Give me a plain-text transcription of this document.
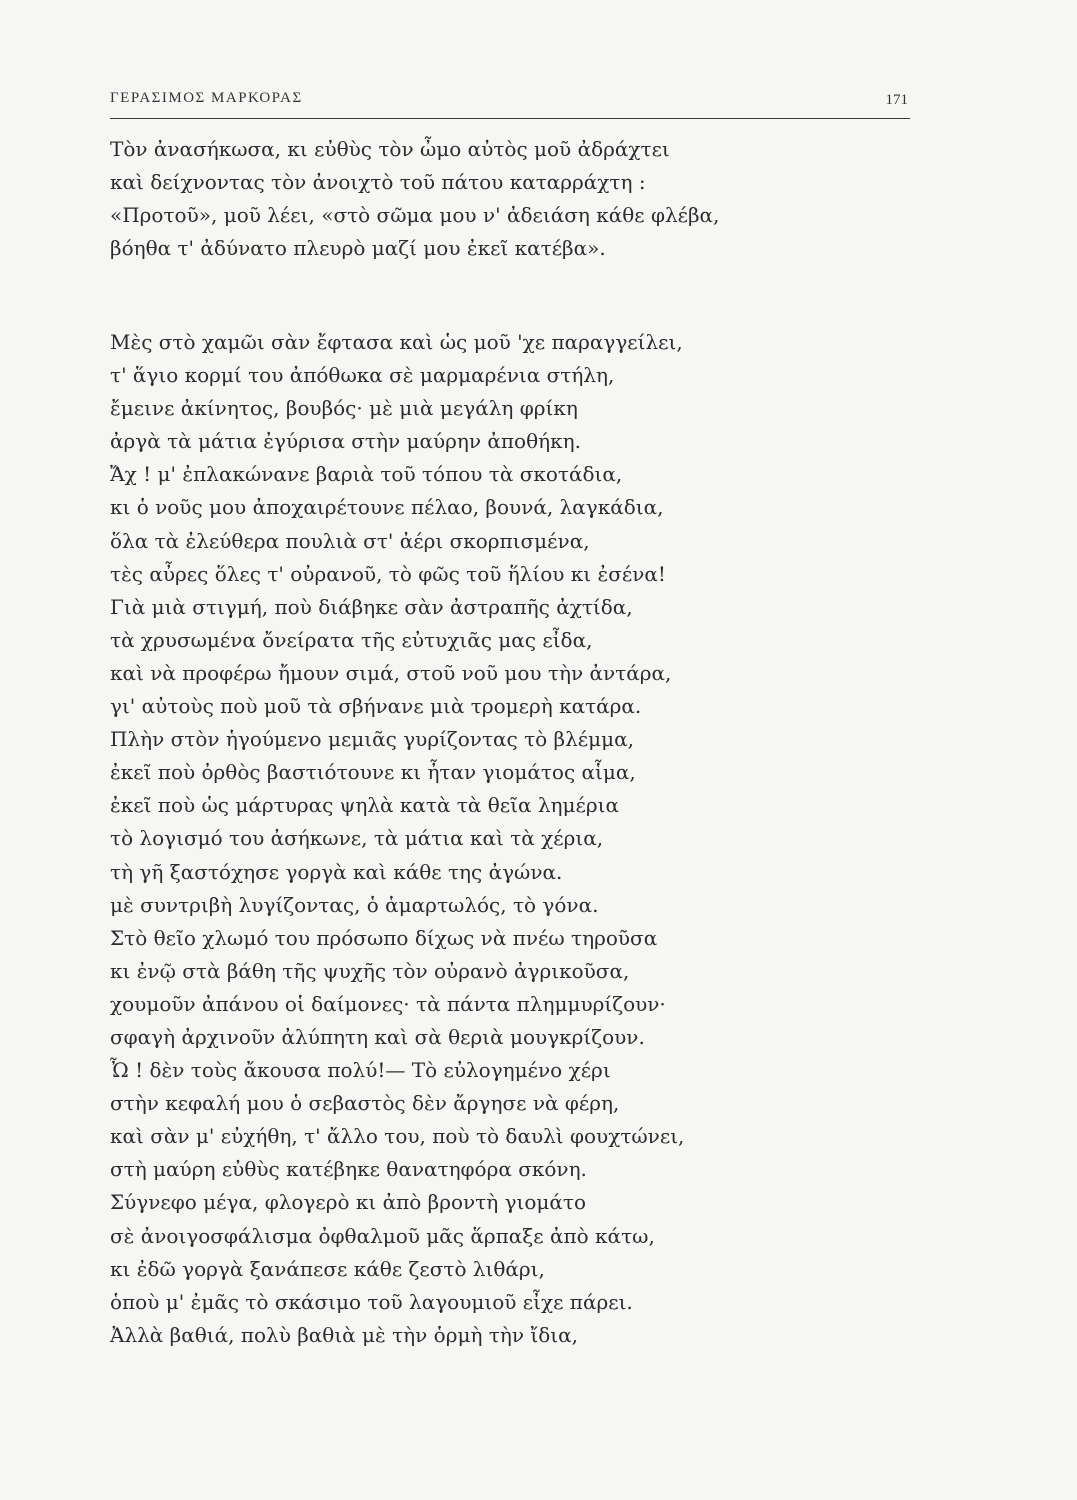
ΓΕΡΑΣΙΜΟΣ ΜΑΡΚΟΡΑΣ	171
Τὸν ἀνασήκωσα, κι εὐθὺς τὸν ὦμο αὐτὸς μοῦ ἀδράχτει
καὶ δείχνοντας τὸν ἀνοιχτὸ τοῦ πάτου καταρράχτη :
«Προτοῦ», μοῦ λέει, «στὸ σῶμα μου ν' ἀδειάση κάθε φλέβα,
βόηθα τ' ἀδύνατο πλευρὸ μαζί μου ἐκεῖ κατέβα».
Μὲς στὸ χαμῶι σὰν ἔφτασα καὶ ὡς μοῦ 'χε παραγγείλει,
τ' ἅγιο κορμί του ἀπόθωκα σὲ μαρμαρένια στήλη,
ἔμεινε ἀκίνητος, βουβός· μὲ μιὰ μεγάλη φρίκη
ἀργὰ τὰ μάτια ἐγύρισα στὴν μαύρην ἀποθήκη.
Ἄχ ! μ' ἐπλακώνανε βαριὰ τοῦ τόπου τὰ σκοτάδια,
κι ὁ νοῦς μου ἀποχαιρέτουνε πέλαο, βουνά, λαγκάδια,
ὅλα τὰ ἐλεύθερα πουλιὰ στ' ἀέρι σκορπισμένα,
τὲς αὖρες ὅλες τ' οὐρανοῦ, τὸ φῶς τοῦ ἥλίου κι ἐσένα!
Γιὰ μιὰ στιγμή, ποὺ διάβηκε σὰν ἀστραπῆς ἀχτίδα,
τὰ χρυσωμένα ὄνείρατα τῆς εὐτυχιᾶς μας εἶδα,
καὶ νὰ προφέρω ἤμουν σιμά, στοῦ νοῦ μου τὴν ἀντάρα,
γι' αὐτοὺς ποὺ μοῦ τὰ σβήνανε μιὰ τρομερὴ κατάρα.
Πλὴν στὸν ἡγούμενο μεμιᾶς γυρίζοντας τὸ βλέμμα,
ἐκεῖ ποὺ ὀρθὸς βαστιότουνε κι ἦταν γιομάτος αἷμα,
ἐκεῖ ποὺ ὡς μάρτυρας ψηλὰ κατὰ τὰ θεῖα λημέρια
τὸ λογισμό του ἀσήκωνε, τὰ μάτια καὶ τὰ χέρια,
τὴ γῆ ξαστόχησε γοργὰ καὶ κάθε της ἀγώνα.
μὲ συντριβὴ λυγίζοντας, ὁ ἁμαρτωλός, τὸ γόνα.
Στὸ θεῖο χλωμό του πρόσωπο δίχως νὰ πνέω τηροῦσα
κι ἐνῷ στὰ βάθη τῆς ψυχῆς τὸν οὐρανὸ ἀγρικοῦσα,
χουμοῦν ἀπάνου οἱ δαίμονες· τὰ πάντα πλημμυρίζουν·
σφαγὴ ἀρχινοῦν ἀλύπητη καὶ σὰ θεριὰ μουγκρίζουν.
Ὦ ! δὲν τοὺς ἄκουσα πολύ!— Τὸ εὐλογημένο χέρι
στὴν κεφαλή μου ὁ σεβαστὸς δὲν ἄργησε νὰ φέρη,
καὶ σὰν μ' εὐχήθη, τ' ἄλλο του, ποὺ τὸ δαυλὶ φουχτώνει,
στὴ μαύρη εὐθὺς κατέβηκε θανατηφόρα σκόνη.
Σύγνεφο μέγα, φλογερὸ κι ἀπὸ βροντὴ γιομάτο
σὲ ἀνοιγοσφάλισμα ὀφθαλμοῦ μᾶς ἅρπαξε ἀπὸ κάτω,
κι ἐδῶ γοργὰ ξανάπεσε κάθε ζεστὸ λιθάρι,
ὁποὺ μ' ἐμᾶς τὸ σκάσιμο τοῦ λαγουμιοῦ εἶχε πάρει.
Ἀλλὰ βαθιά, πολὺ βαθιὰ μὲ τὴν ὁρμὴ τὴν ἴδια,
